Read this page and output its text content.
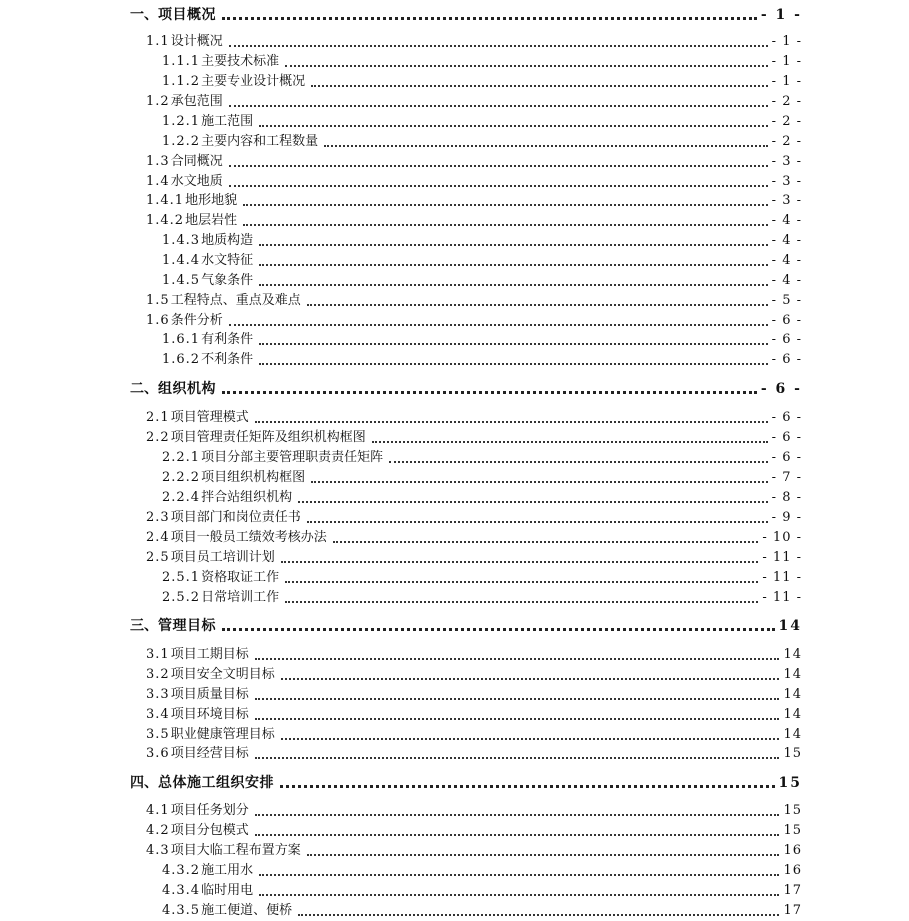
一、 项目概况	- 1 -
1.1 设计概况	- 1 -
1.1.1 主要技术标准	- 1 -
1.1.2 主要专业设计概况	- 1 -
1.2 承包范围	- 2 -
1.2.1 施工范围	- 2 -
1.2.2 主要内容和工程数量	- 2 -
1.3 合同概况	- 3 -
1.4 水文地质	- 3 -
1.4.1 地形地貌	- 3 -
1.4.2 地层岩性	- 4 -
1.4.3 地质构造	- 4 -
1.4.4 水文特征	- 4 -
1.4.5 气象条件	- 4 -
1.5 工程特点、重点及难点	- 5 -
1.6 条件分析	- 6 -
1.6.1 有利条件	- 6 -
1.6.2 不利条件	- 6 -
二、 组织机构	- 6 -
2.1 项目管理模式	- 6 -
2.2 项目管理责任矩阵及组织机构框图	- 6 -
2.2.1 项目分部主要管理职责责任矩阵	- 6 -
2.2.2 项目组织机构框图	- 7 -
2.2.4 拌合站组织机构	- 8 -
2.3 项目部门和岗位责任书	- 9 -
2.4 项目一般员工绩效考核办法	- 10 -
2.5 项目员工培训计划	- 11 -
2.5.1 资格取证工作	- 11 -
2.5.2 日常培训工作	- 11 -
三、 管理目标	14
3.1 项目工期目标	14
3.2 项目安全文明目标	14
3.3 项目质量目标	14
3.4 项目环境目标	14
3.5 职业健康管理目标	14
3.6 项目经营目标	15
四、 总体施工组织安排	15
4.1 项目任务划分	15
4.2 项目分包模式	15
4.3 项目大临工程布置方案	16
4.3.2 施工用水	16
4.3.4 临时用电	17
4.3.5 施工便道、便桥	17
